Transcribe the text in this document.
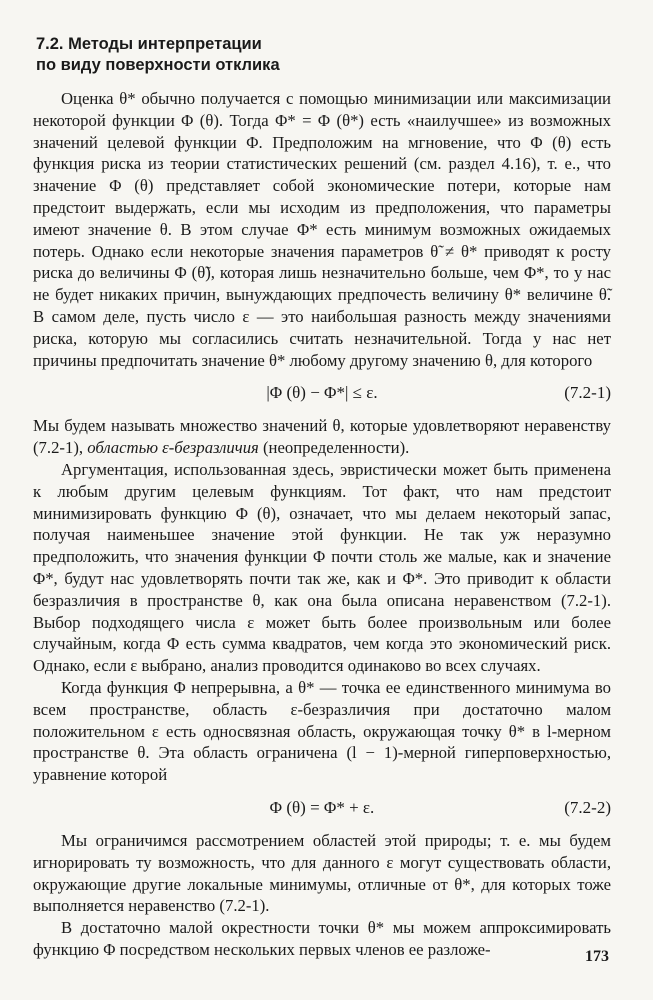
7.2. Методы интерпретации
по виду поверхности отклика

Оценка θ* обычно получается с помощью минимизации или максимизации некоторой функции Φ (θ). Тогда Φ* = Φ (θ*) есть «наилучшее» из возможных значений целевой функции Φ. Предположим на мгновение, что Φ (θ) есть функция риска из теории статистических решений (см. раздел 4.16), т. е., что значение Φ (θ) представляет собой экономические потери, которые нам предстоит выдержать, если мы исходим из предположения, что параметры имеют значение θ. В этом случае Φ* есть минимум возможных ожидаемых потерь. Однако если некоторые значения параметров θ̃ ≠ θ* приводят к росту риска до величины Φ (θ̃), которая лишь незначительно больше, чем Φ*, то у нас не будет никаких причин, вынуждающих предпочесть величину θ* величине θ̃. В самом деле, пусть число ε — это наибольшая разность между значениями риска, которую мы согласились считать незначительной. Тогда у нас нет причины предпочитать значение θ* любому другому значению θ, для которого

|Φ (θ) − Φ*| ≤ ε.	(7.2-1)

Мы будем называть множество значений θ, которые удовлетворяют неравенству (7.2-1), областью ε-безразличия (неопределенности).

Аргументация, использованная здесь, эвристически может быть применена к любым другим целевым функциям. Тот факт, что нам предстоит минимизировать функцию Φ (θ), означает, что мы делаем некоторый запас, получая наименьшее значение этой функции. Не так уж неразумно предположить, что значения функции Φ почти столь же малые, как и значение Φ*, будут нас удовлетворять почти так же, как и Φ*. Это приводит к области безразличия в пространстве θ, как она была описана неравенством (7.2-1). Выбор подходящего числа ε может быть более произвольным или более случайным, когда Φ есть сумма квадратов, чем когда это экономический риск. Однако, если ε выбрано, анализ проводится одинаково во всех случаях.

Когда функция Φ непрерывна, а θ* — точка ее единственного минимума во всем пространстве, область ε-безразличия при достаточно малом положительном ε есть односвязная область, окружающая точку θ* в l-мерном пространстве θ. Эта область ограничена (l − 1)-мерной гиперповерхностью, уравнение которой

Φ (θ) = Φ* + ε.	(7.2-2)

Мы ограничимся рассмотрением областей этой природы; т. е. мы будем игнорировать ту возможность, что для данного ε могут существовать области, окружающие другие локальные минимумы, отличные от θ*, для которых тоже выполняется неравенство (7.2-1).

В достаточно малой окрестности точки θ* мы можем аппроксимировать функцию Φ посредством нескольких первых членов ее разложе-	173
